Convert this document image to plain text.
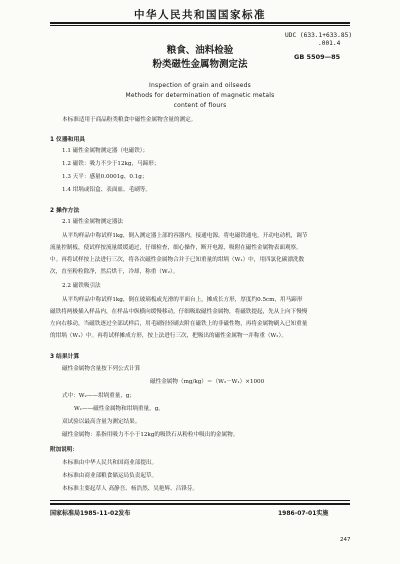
中华人民共和国国家标准
UDC (633.1+633.85)
.001.4
GB 5509—85
粮食、油料检验
粉类磁性金属物测定法
Inspection of grain and oilseeds
Methods for determination of magnetic metals
content of flours
本标准适用于商品粉类粮食中磁性金属物含量的测定。
1 仪器和用具
1.1 磁性金属物测定器（电磁铁）；
1.2 磁铁：吸力不少于12kg，马蹄形；
1.3 天平：感量0.0001g、0.1g；
1.4 坩埚或铝盒、表面皿、毛刷等。
2 操作方法
2.1 磁性金属物测定器法
从平均样品中称试样1kg，倒入测定器上部的容器内，接通电源，将电磁铁通电，开动电动机，调节
流量控制板，使试样按流量缓缓通过，仔细检查，细心操作，断开电源，吸附在磁性金属物表面观察。
中。再将试样按上法进行三次，将各次磁性金属物合并于已知重量的坩埚（W₁）中，用四氯化碳漂洗数
次，直至粉粒除净，然后烘干，冷却，称重（W₂）。
2.2 磁铁吸引法
从平均样品中称试样1kg，倒在玻璃板或光滑的平面台上，摊成长方形，厚度约0.5cm，用马蹄形
磁铁将两极插入样品内，在样品中纵横向缓慢移动，仔细吸取磁性金属物，将磁铁提起，先从上向下慢慢
左向右移动，当磁铁逐过全部试样后，用毛刷轻轻刷去附在磁铁上的非磁性物，再将金属物刷入已知重量
的坩埚（W₁）中。再将试样摊成方形，按上法进行三次，把吸出的磁性金属物一并称重（W₂）。
3 结果计算
磁性金属物含量按下列公式计算
磁性金属物（mg/kg）＝（W₂－W₁）×1000
式中：W₂——坩埚重量，g；
W₁——磁性金属物和坩埚重量，g。
双试验以最高含量为测定结果。
磁性金属物：系指用吸力不小于12kg的吸铁石从粉粒中吸出的金属物。
附加说明：
本标准由中华人民共和国商业部提出。
本标准由商业部粮食储运局负责起草。
本标准主要起草人 高静吾、杨浩然、吴艳辉、吕锋芬。
国家标准局1985-11-02发布	1986-07-01实施
247
